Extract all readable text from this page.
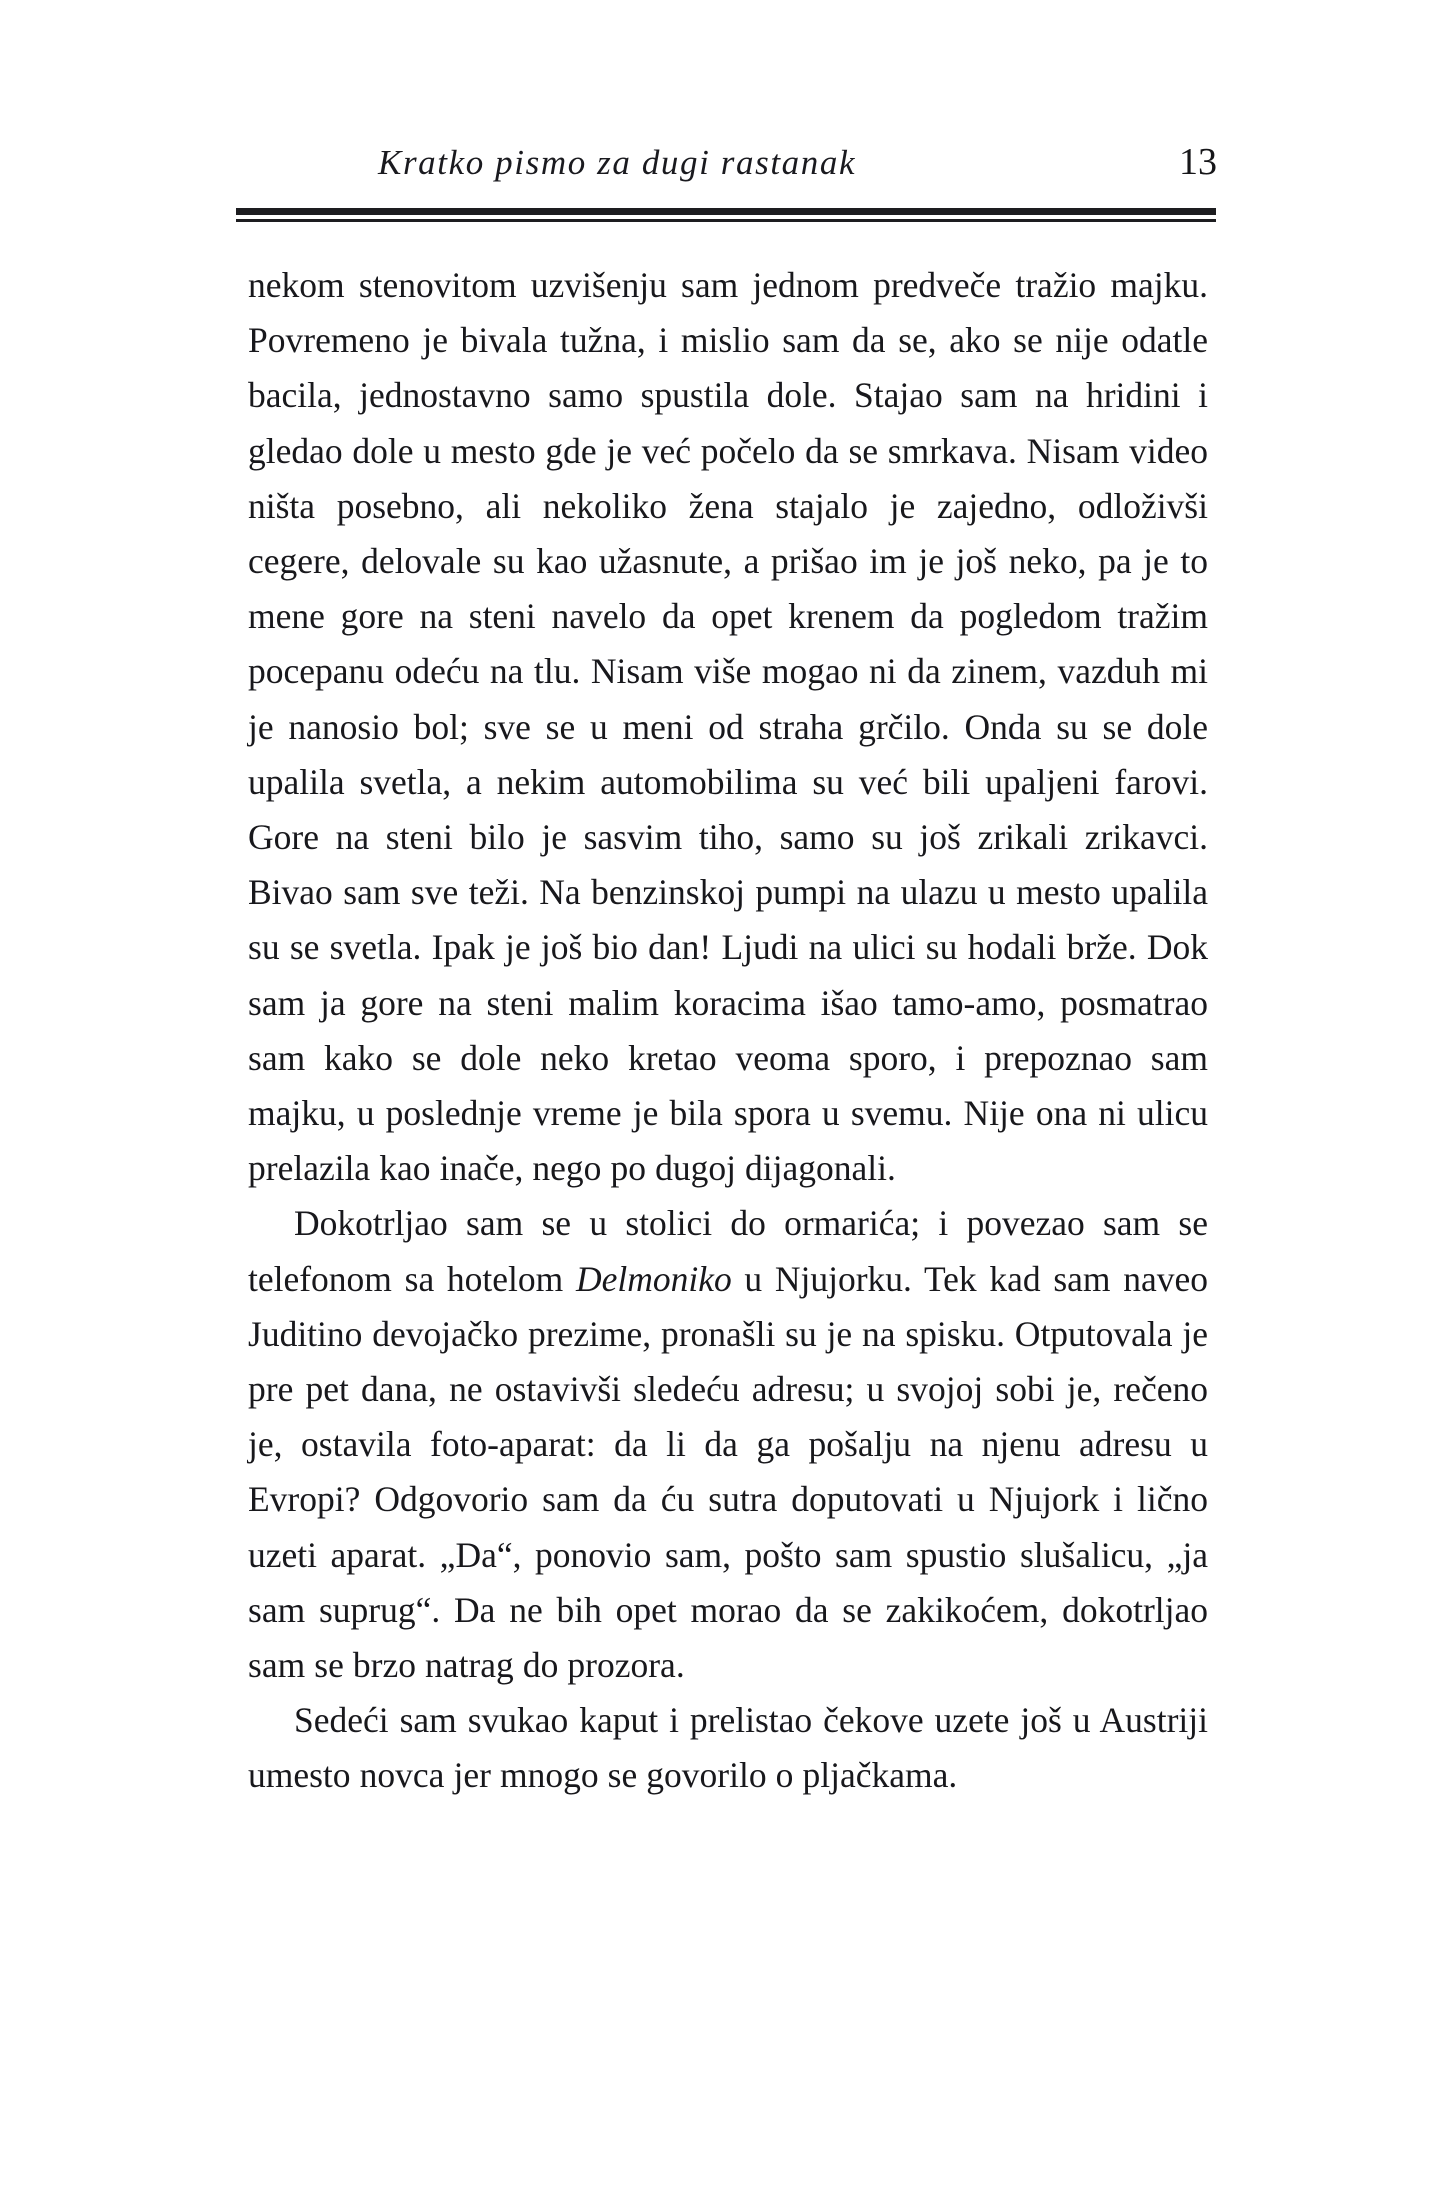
Kratko pismo za dugi rastanak	13

nekom stenovitom uzvišenju sam jednom predveče tražio majku. Povremeno je bivala tužna, i mislio sam da se, ako se nije odatle bacila, jednostavno samo spustila dole. Stajao sam na hridini i gledao dole u mesto gde je već počelo da se smrkava. Nisam video ništa posebno, ali nekoliko žena stajalo je zajedno, odloživši cegere, delovale su kao užasnute, a prišao im je još neko, pa je to mene gore na steni navelo da opet krenem da pogledom tražim pocepanu odeću na tlu. Nisam više mogao ni da zinem, vazduh mi je nanosio bol; sve se u meni od straha grčilo. Onda su se dole upalila svetla, a nekim automobilima su već bili upaljeni farovi. Gore na steni bilo je sasvim tiho, samo su još zrikali zrikavci. Bivao sam sve teži. Na benzinskoj pumpi na ulazu u mesto upalila su se svetla. Ipak je još bio dan! Ljudi na ulici su hodali brže. Dok sam ja gore na steni malim koracima išao tamo-amo, posmatrao sam kako se dole neko kretao veoma sporo, i prepoznao sam majku, u poslednje vreme je bila spora u svemu. Nije ona ni ulicu prelazila kao inače, nego po dugoj dijagonali.

Dokotrljao sam se u stolici do ormarića; i povezao sam se telefonom sa hotelom Delmoniko u Njujorku. Tek kad sam naveo Juditino devojačko prezime, pronašli su je na spisku. Otputovala je pre pet dana, ne ostavivši sledeću adresu; u svojoj sobi je, rečeno je, ostavila foto-aparat: da li da ga pošalju na njenu adresu u Evropi? Odgovorio sam da ću sutra doputovati u Njujork i lično uzeti aparat. „Da“, ponovio sam, pošto sam spustio slušalicu, „ja sam suprug“. Da ne bih opet morao da se zakikoćem, dokotrljao sam se brzo natrag do prozora.

Sedeći sam svukao kaput i prelistao čekove uzete još u Austriji umesto novca jer mnogo se govorilo o pljačkama.
